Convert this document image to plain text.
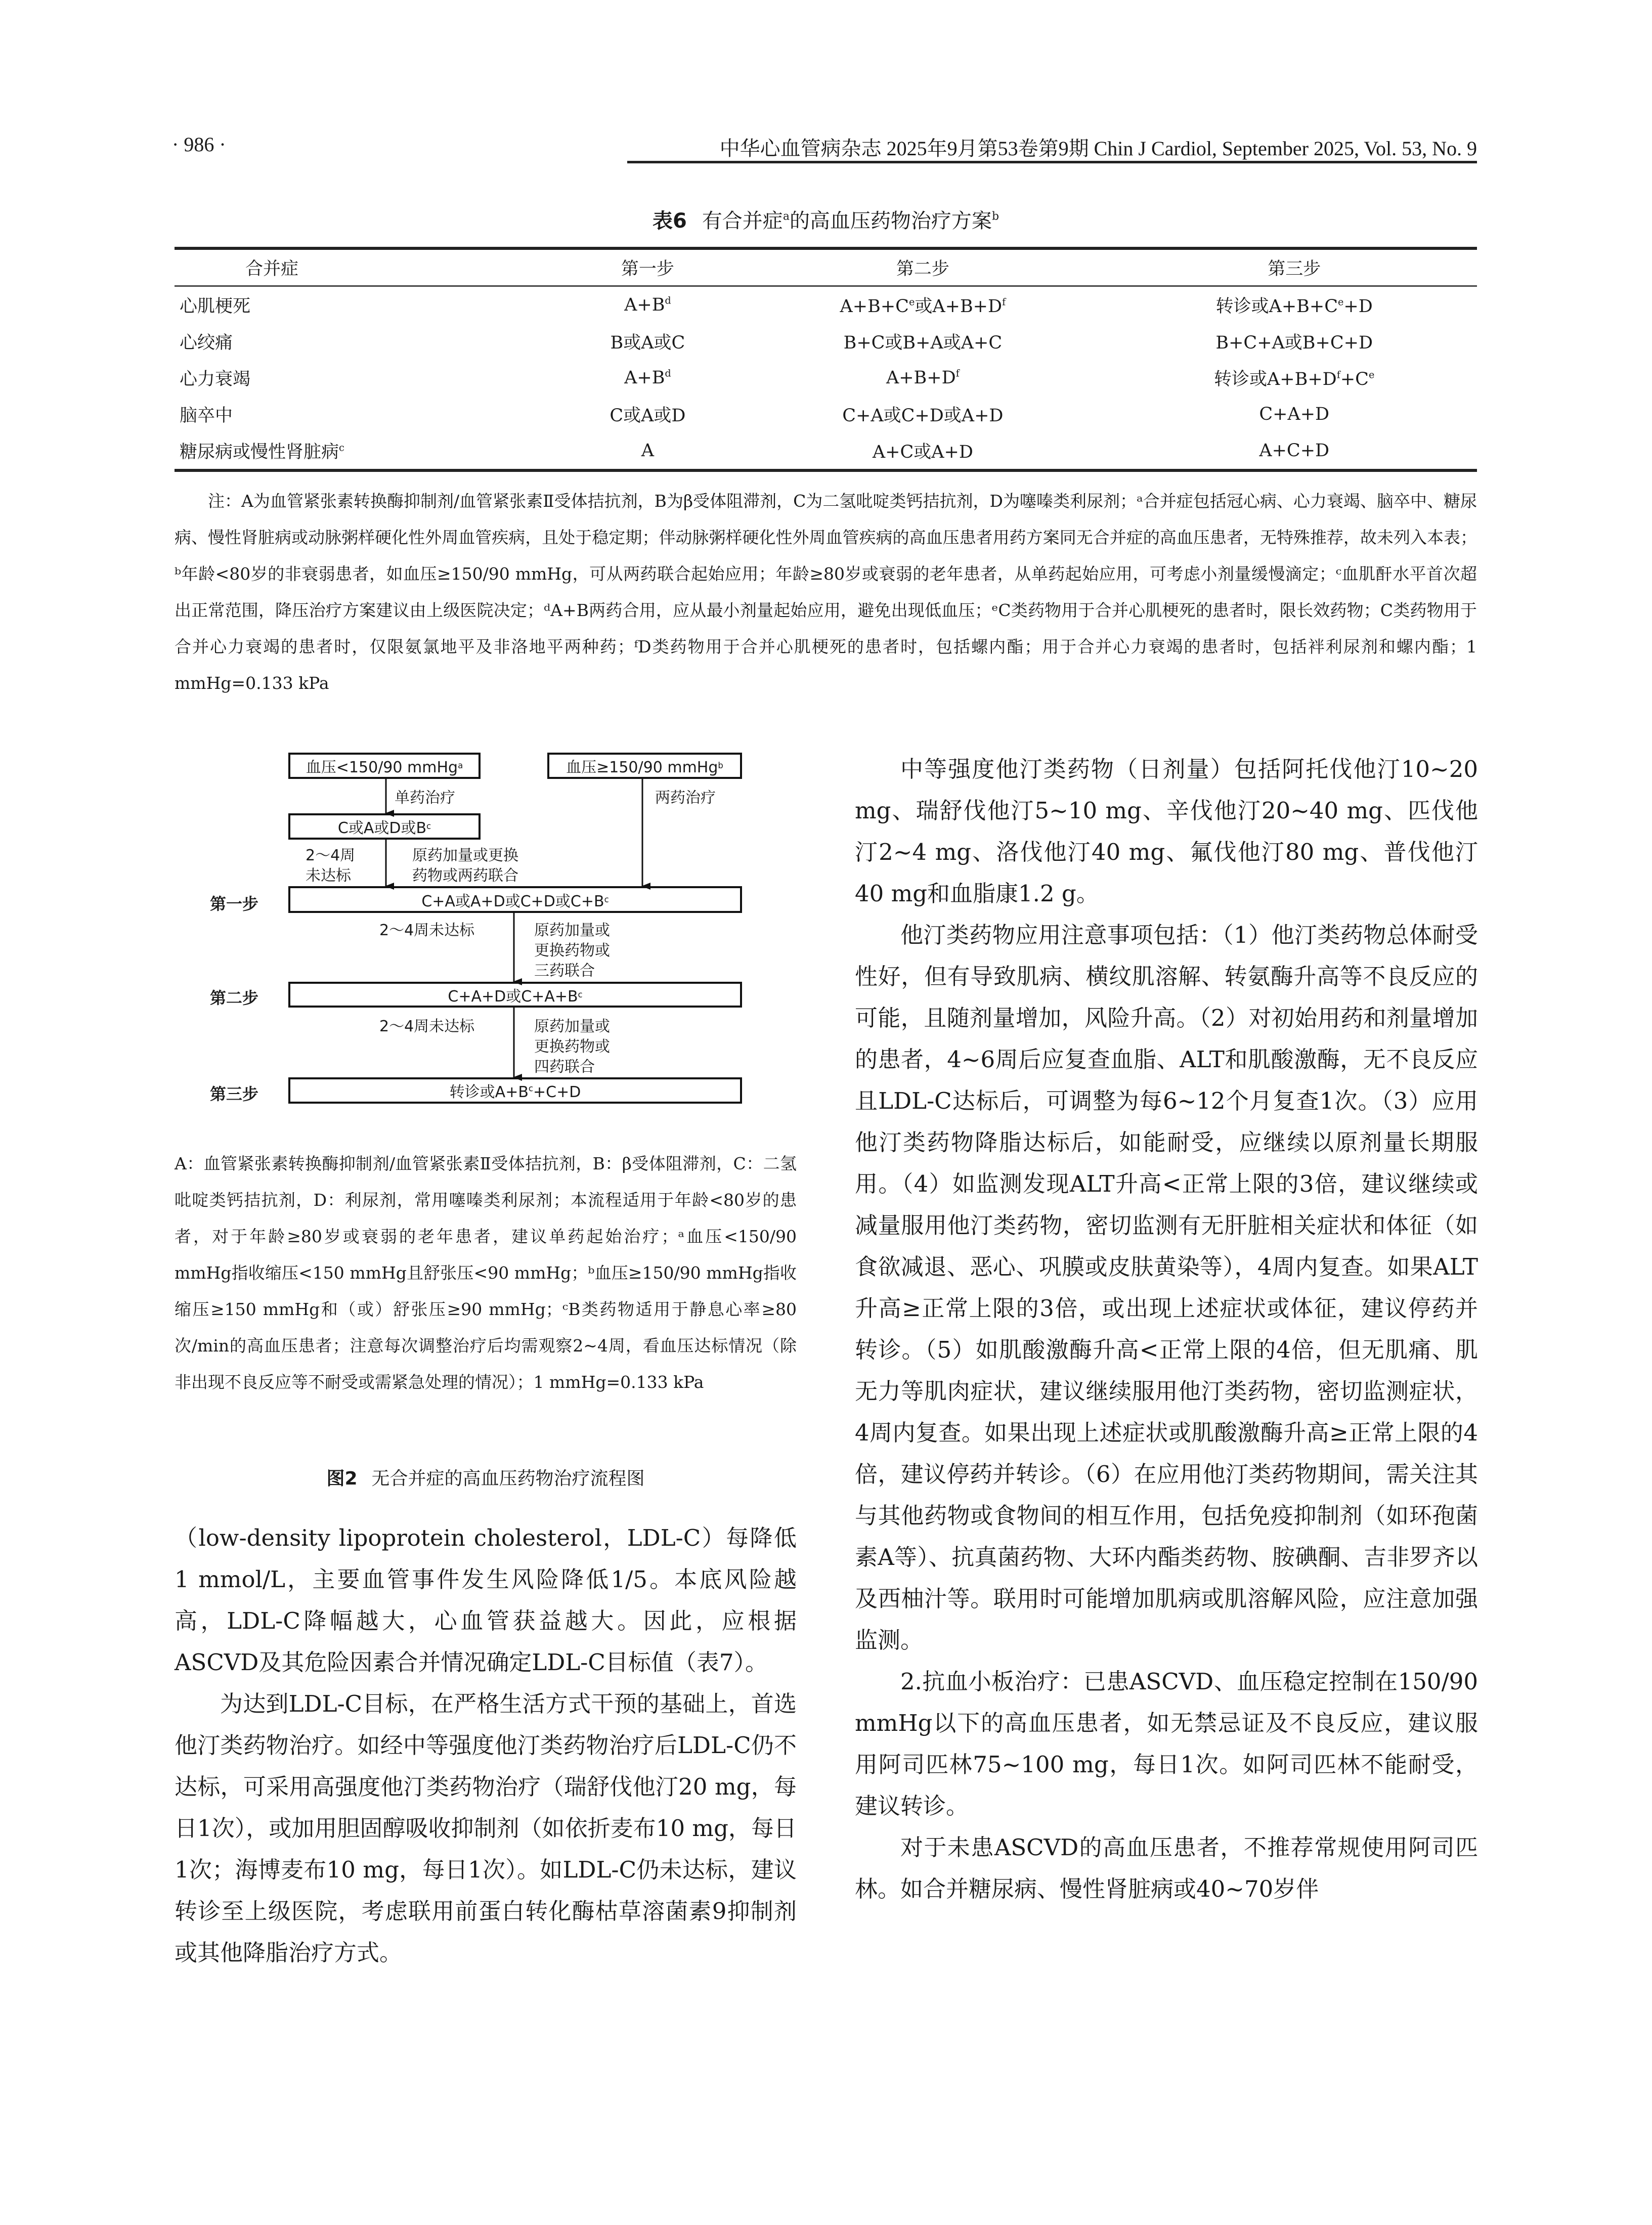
· 986 ·	中华心血管病杂志 2025年9月第53卷第9期 Chin J Cardiol, September 2025, Vol. 53, No. 9
表6 有合并症$^a$的高血压药物治疗方案$^b$
合并症	第一步	第二步	第三步
心肌梗死	$A+B^d$	$A+B+C^e$或$A+B+D^f$	转诊或$A+B+C^e+D$
心绞痛	B或A或C	B+C或B+A或A+C	B+C+A或B+C+D
心力衰竭	$A+B^d$	$A+B+D^f$	转诊或$A+B+D^f+C^e$
脑卒中	C或A或D	C+A或C+D或A+D	C+A+D
糖尿病或慢性肾脏病$^c$	A	A+C或A+D	A+C+D

注：A为血管紧张素转换酶抑制剂/血管紧张素Ⅱ受体拮抗剂，B为β受体阻滞剂，C为二氢吡啶类钙拮抗剂，D为噻嗪类利尿剂；ᵃ合并症包括冠心病、心力衰竭、脑卒中、糖尿病、慢性肾脏病或动脉粥样硬化性外周血管疾病，且处于稳定期；伴动脉粥样硬化性外周血管疾病的高血压患者用药方案同无合并症的高血压患者，无特殊推荐，故未列入本表；ᵇ年龄<80岁的非衰弱患者，如血压≥150/90 mmHg，可从两药联合起始应用；年龄≥80岁或衰弱的老年患者，从单药起始应用，可考虑小剂量缓慢滴定；ᶜ血肌酐水平首次超出正常范围，降压治疗方案建议由上级医院决定；ᵈA+B两药合用，应从最小剂量起始应用，避免出现低血压；ᵉC类药物用于合并心肌梗死的患者时，限长效药物；C类药物用于合并心力衰竭的患者时，仅限氨氯地平及非洛地平两种药；ᶠD类药物用于合并心肌梗死的患者时，包括螺内酯；用于合并心力衰竭的患者时，包括袢利尿剂和螺内酯；1 mmHg=0.133 kPa

血压<150/90 mmHg a	血压≥150/90 mmHg b
单药治疗	两药治疗
C或A或D或B c
2～4周
未达标
原药加量或更换
药物或两药联合
第一步	C+A或A+D或C+D或C+B c
2～4周未达标	原药加量或
更换药物或
三药联合
第二步	C+A+D或C+A+B c
2～4周未达标	原药加量或
更换药物或
四药联合
第三步	转诊或$A+B^c+C+D$
A：血管紧张素转换酶抑制剂/血管紧张素Ⅱ受体拮抗剂，B：β受体阻滞剂，C：二氢吡啶类钙拮抗剂，D：利尿剂，常用噻嗪类利尿剂；本流程适用于年龄<80岁的患者，对于年龄≥80岁或衰弱的老年患者，建议单药起始治疗；ᵃ血压<150/90 mmHg指收缩压<150 mmHg且舒张压<90 mmHg；ᵇ血压≥150/90 mmHg指收缩压≥150 mmHg和（或）舒张压≥90 mmHg；ᶜB类药物适用于静息心率≥80次/min的高血压患者；注意每次调整治疗后均需观察2~4周，看血压达标情况（除非出现不良反应等不耐受或需紧急处理的情况）；1 mmHg=0.133 kPa
图2 无合并症的高血压药物治疗流程图

（low-density lipoprotein cholesterol，LDL-C）每降低1 mmol/L，主要血管事件发生风险降低1/5。本底风险越高，LDL-C降幅越大，心血管获益越大。因此，应根据ASCVD及其危险因素合并情况确定LDL-C目标值（表7）。

为达到LDL-C目标，在严格生活方式干预的基础上，首选他汀类药物治疗。如经中等强度他汀类药物治疗后LDL-C仍不达标，可采用高强度他汀类药物治疗（瑞舒伐他汀20 mg，每日1次），或加用胆固醇吸收抑制剂（如依折麦布10 mg，每日1次；海博麦布10 mg，每日1次）。如LDL-C仍未达标，建议转诊至上级医院，考虑联用前蛋白转化酶枯草溶菌素9抑制剂或其他降脂治疗方式。

中等强度他汀类药物（日剂量）包括阿托伐他汀10~20 mg、瑞舒伐他汀5~10 mg、辛伐他汀20~40 mg、匹伐他汀2~4 mg、洛伐他汀40 mg、氟伐他汀80 mg、普伐他汀40 mg和血脂康1.2 g。

他汀类药物应用注意事项包括：（1）他汀类药物总体耐受性好，但有导致肌病、横纹肌溶解、转氨酶升高等不良反应的可能，且随剂量增加，风险升高。（2）对初始用药和剂量增加的患者，4~6周后应复查血脂、ALT和肌酸激酶，无不良反应且LDL-C达标后，可调整为每6~12个月复查1次。（3）应用他汀类药物降脂达标后，如能耐受，应继续以原剂量长期服用。（4）如监测发现ALT升高<正常上限的3倍，建议继续或减量服用他汀类药物，密切监测有无肝脏相关症状和体征（如食欲减退、恶心、巩膜或皮肤黄染等），4周内复查。如果ALT升高≥正常上限的3倍，或出现上述症状或体征，建议停药并转诊。（5）如肌酸激酶升高<正常上限的4倍，但无肌痛、肌无力等肌肉症状，建议继续服用他汀类药物，密切监测症状，4周内复查。如果出现上述症状或肌酸激酶升高≥正常上限的4倍，建议停药并转诊。（6）在应用他汀类药物期间，需关注其与其他药物或食物间的相互作用，包括免疫抑制剂（如环孢菌素A等）、抗真菌药物、大环内酯类药物、胺碘酮、吉非罗齐以及西柚汁等。联用时可能增加肌病或肌溶解风险，应注意加强监测。

2.抗血小板治疗：已患ASCVD、血压稳定控制在150/90 mmHg以下的高血压患者，如无禁忌证及不良反应，建议服用阿司匹林75~100 mg，每日1次。如阿司匹林不能耐受，建议转诊。

对于未患ASCVD的高血压患者，不推荐常规使用阿司匹林。如合并糖尿病、慢性肾脏病或40~70岁伴
